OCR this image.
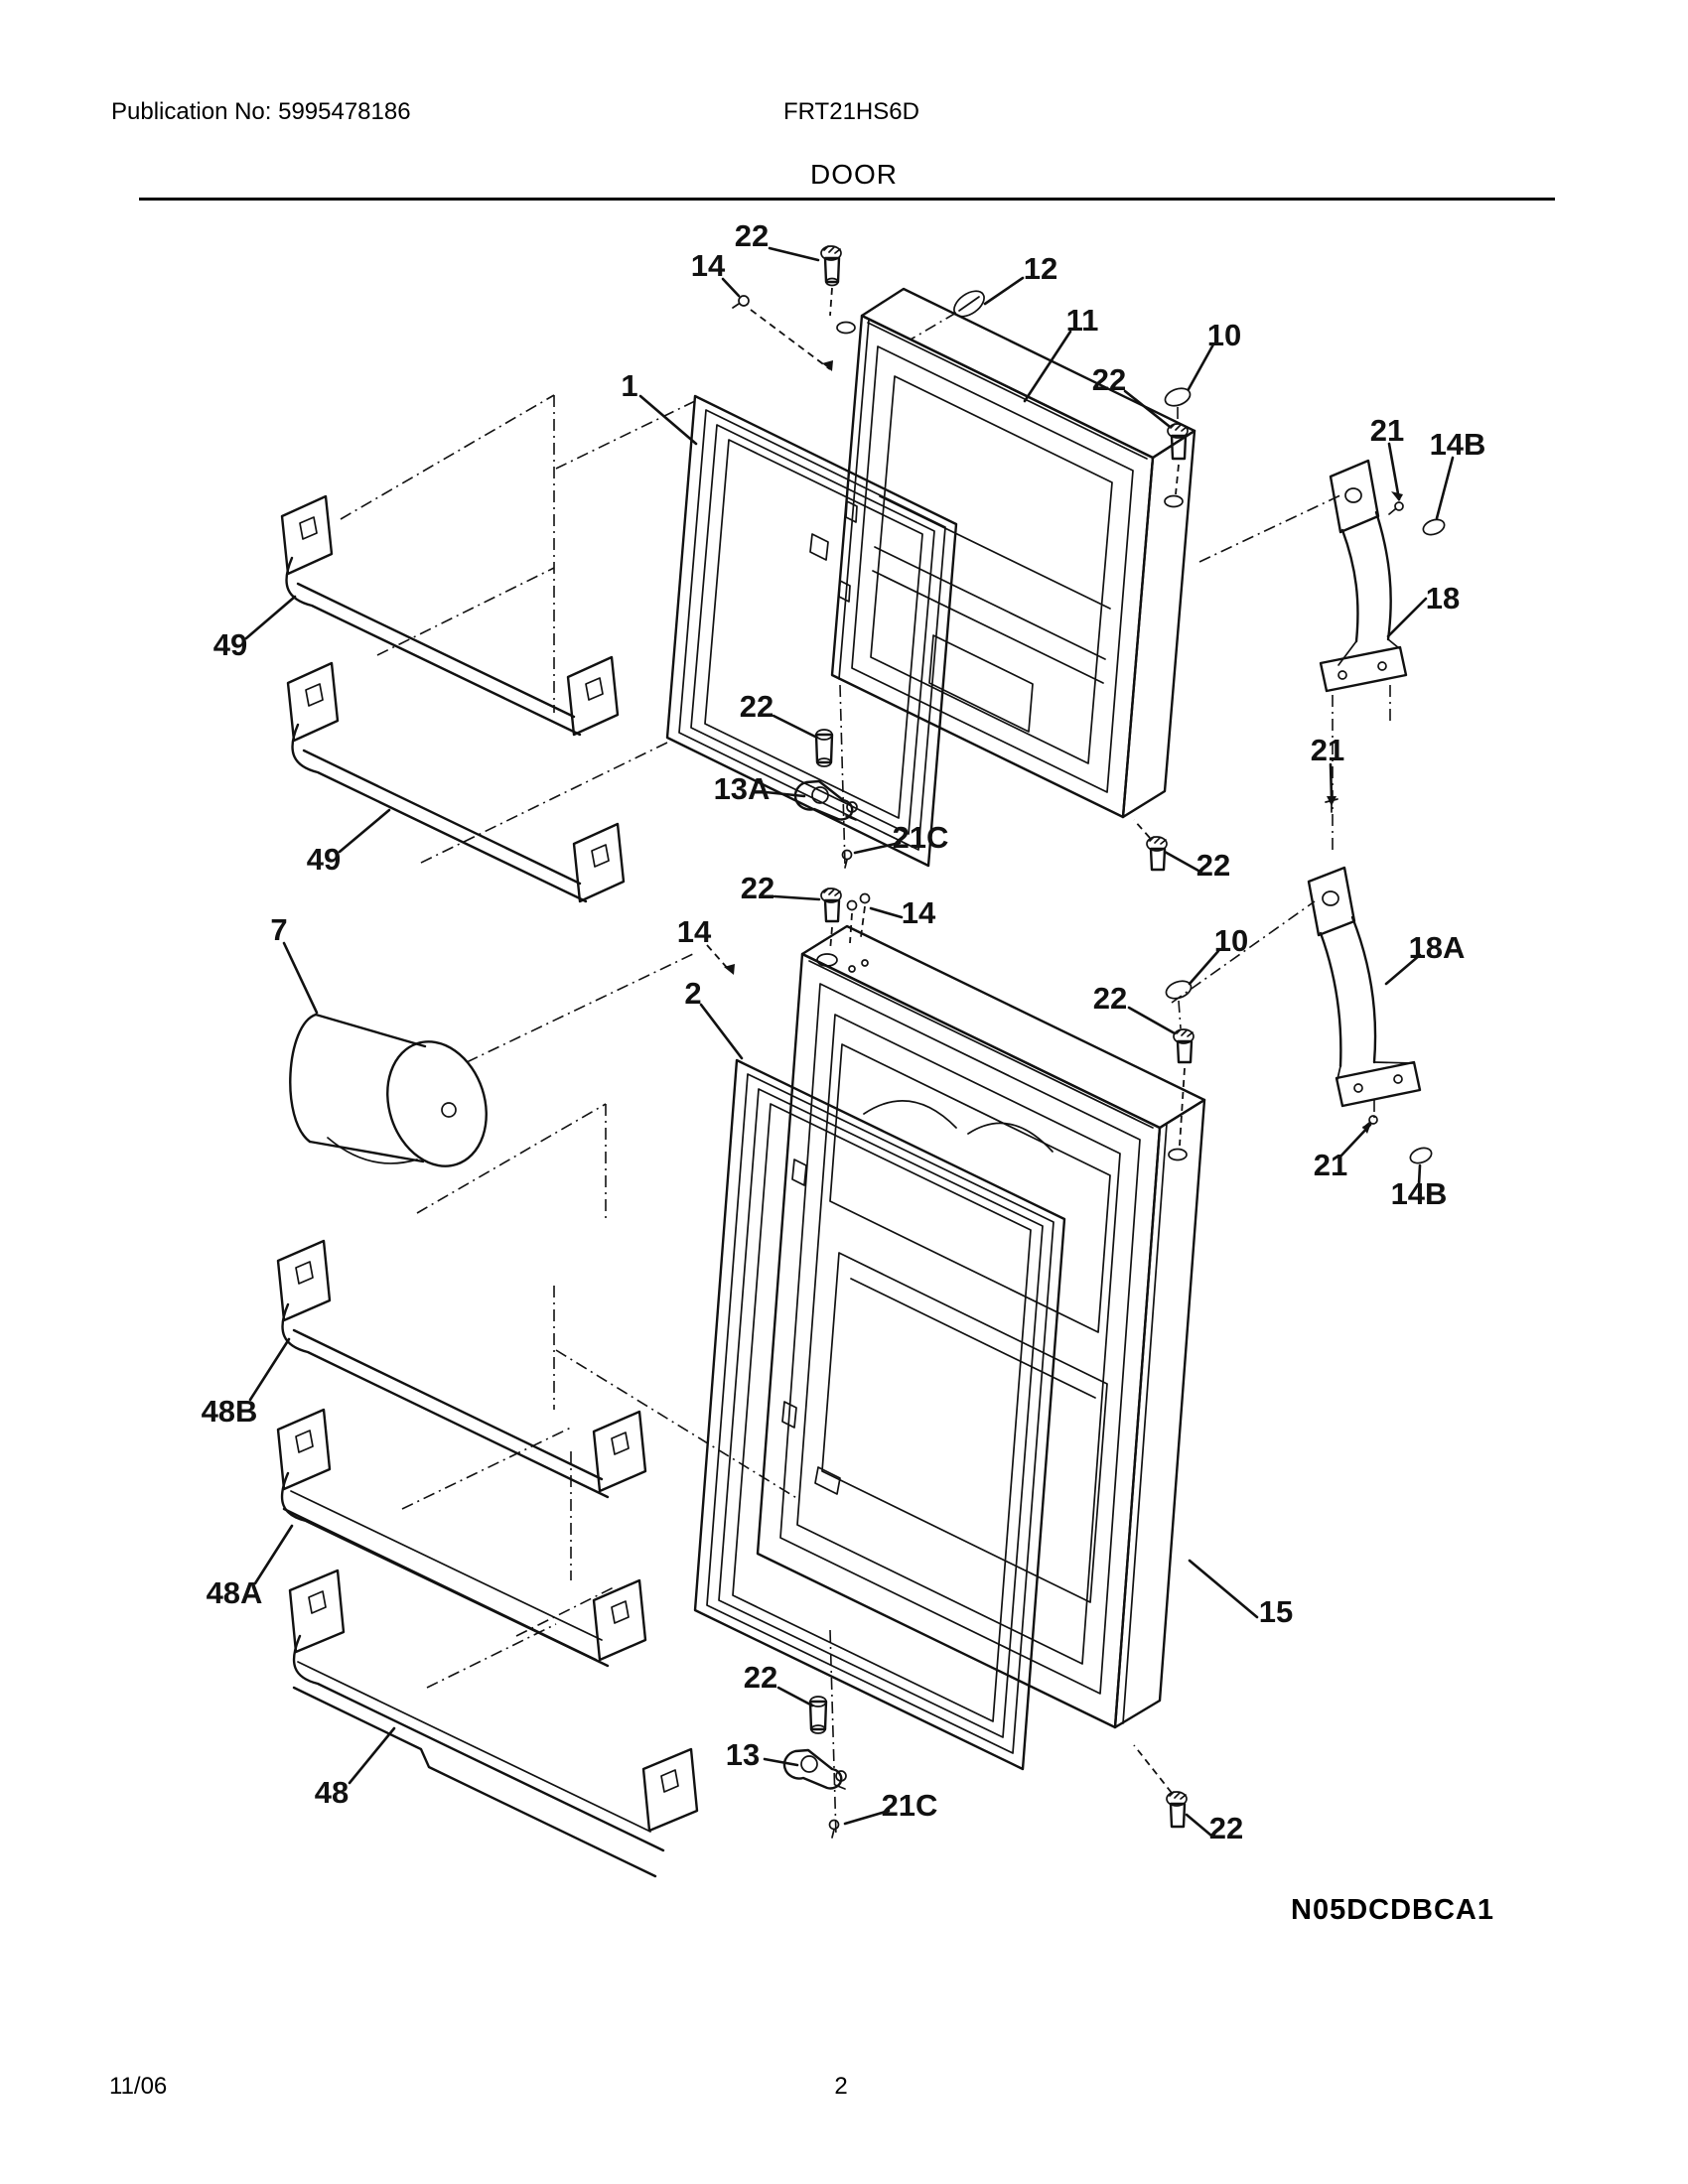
Publication No: 5995478186	FRT21HS6D
DOOR
22
14	12
11
22
10
21 14B
18
1
49
49
22
13A
21C
21
22
22
14
14
7
2
10
22
18A
21
14B
48B
48A
48
15
22
13
21C
22
N05DCDBCA1
11/06	2
